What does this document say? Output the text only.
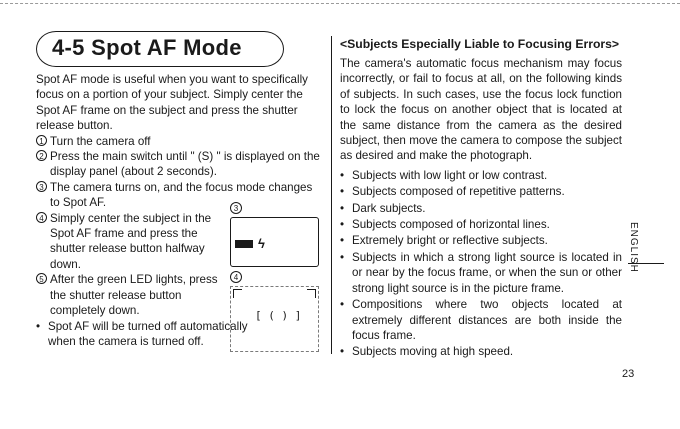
4-5 Spot AF Mode

Spot AF mode is useful when you want to specifically focus on a portion of your subject. Simply center the Spot AF frame on the subject and press the shutter release button.

1 Turn the camera off

2 Press the main switch until " (S) " is displayed on the display panel (about 2 seconds).

3 The camera turns on, and the focus mode changes to Spot AF.

4 Simply center the subject in the Spot AF frame and press the shutter release button halfway down.

5 After the green LED lights, press the shutter release button completely down.

• Spot AF will be turned off automatically when the camera is turned off.

3
ϟ
4
[ ( ) ]
<Subjects Especially Liable to Focusing Errors>

The camera's automatic focus mechanism may focus incorrectly, or fail to focus at all, on the following kinds of subjects. In such cases, use the focus lock function to lock the focus on another object that is located at the same distance from the camera as the desired subject, then move the camera to compose the subject as desired and make the photograph.

• Subjects with low light or low contrast.
• Subjects composed of repetitive patterns.
• Dark subjects.
• Subjects composed of horizontal lines.
• Extremely bright or reflective subjects.
• Subjects in which a strong light source is located in or near by the focus frame, or when the sun or other strong light source is in the picture frame.
• Compositions where two objects located at extremely different distances are both inside the focus frame.
• Subjects moving at high speed.
ENGLISH
23
